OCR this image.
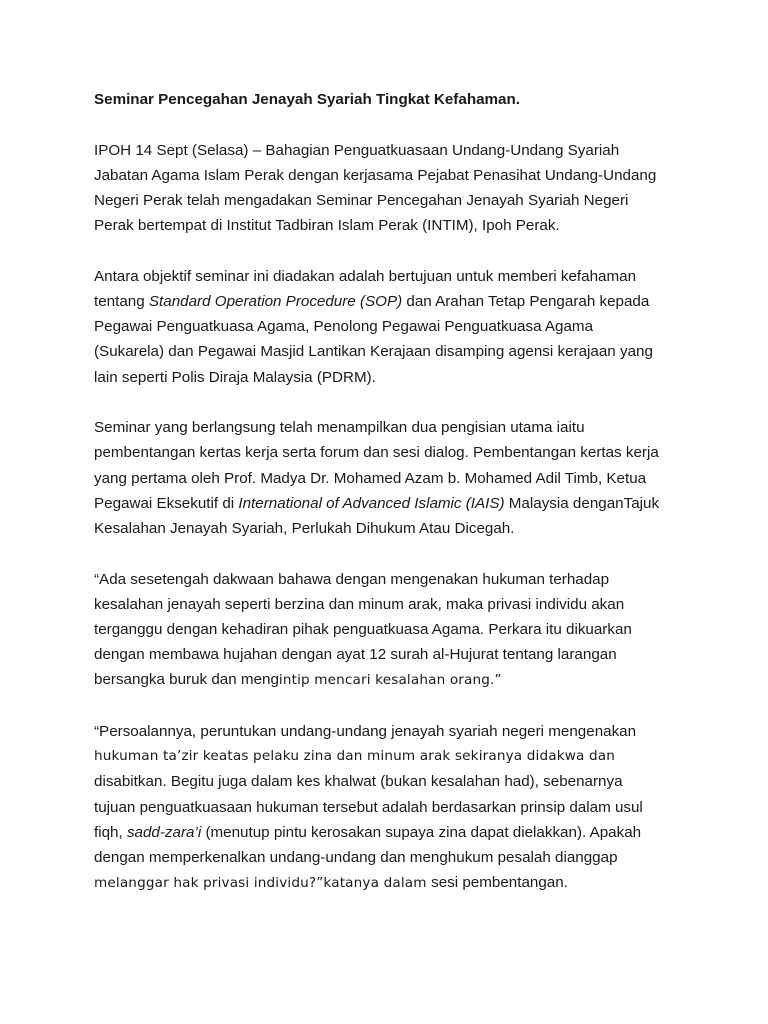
Seminar Pencegahan Jenayah Syariah Tingkat Kefahaman.

IPOH 14 Sept (Selasa) – Bahagian Penguatkuasaan Undang-Undang Syariah
Jabatan Agama Islam Perak dengan kerjasama Pejabat Penasihat Undang-Undang
Negeri Perak telah mengadakan Seminar Pencegahan Jenayah Syariah Negeri
Perak bertempat di Institut Tadbiran Islam Perak (INTIM), Ipoh Perak.

Antara objektif seminar ini diadakan adalah bertujuan untuk memberi kefahaman
tentang Standard Operation Procedure (SOP) dan Arahan Tetap Pengarah kepada
Pegawai Penguatkuasa Agama, Penolong Pegawai Penguatkuasa Agama
(Sukarela) dan Pegawai Masjid Lantikan Kerajaan disamping agensi kerajaan yang
lain seperti Polis Diraja Malaysia (PDRM).

Seminar yang berlangsung telah menampilkan dua pengisian utama iaitu
pembentangan kertas kerja serta forum dan sesi dialog. Pembentangan kertas kerja
yang pertama oleh Prof. Madya Dr. Mohamed Azam b. Mohamed Adil Timb, Ketua
Pegawai Eksekutif di International of Advanced Islamic (IAIS) Malaysia denganTajuk
Kesalahan Jenayah Syariah, Perlukah Dihukum Atau Dicegah.

“Ada sesetengah dakwaan bahawa dengan mengenakan hukuman terhadap
kesalahan jenayah seperti berzina dan minum arak, maka privasi individu akan
terganggu dengan kehadiran pihak penguatkuasa Agama. Perkara itu dikuarkan
dengan membawa hujahan dengan ayat 12 surah al-Hujurat tentang larangan
bersangka buruk dan mengintip mencari kesalahan orang.”

“Persoalannya, peruntukan undang-undang jenayah syariah negeri mengenakan
hukuman ta’zir keatas pelaku zina dan minum arak sekiranya didakwa dan
disabitkan. Begitu juga dalam kes khalwat (bukan kesalahan had), sebenarnya
tujuan penguatkuasaan hukuman tersebut adalah berdasarkan prinsip dalam usul
fiqh, sadd-zara’i (menutup pintu kerosakan supaya zina dapat dielakkan). Apakah
dengan memperkenalkan undang-undang dan menghukum pesalah dianggap
melanggar hak privasi individu?”katanya dalam sesi pembentangan.
